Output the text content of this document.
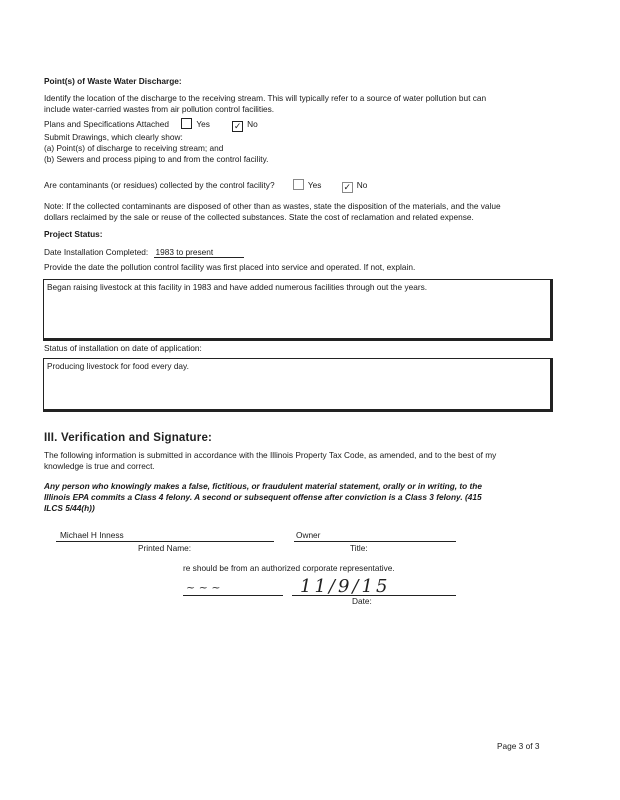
Point(s) of Waste Water Discharge:
Identify the location of the discharge to the receiving stream. This will typically refer to a source of water pollution but can
include water-carried wastes from air pollution control facilities.
Plans and Specifications Attached	Yes	✓ No
Submit Drawings, which clearly show:
(a) Point(s) of discharge to receiving stream; and
(b) Sewers and process piping to and from the control facility.
Are contaminants (or residues) collected by the control facility?	Yes ✓ No
Note: If the collected contaminants are disposed of other than as wastes, state the disposition of the materials, and the value
dollars reclaimed by the sale or reuse of the collected substances. State the cost of reclamation and related expense.
Project Status:
Date Installation Completed: 1983 to present
Provide the date the pollution control facility was first placed into service and operated. If not, explain.
Began raising livestock at this facility in 1983 and have added numerous facilities through out the years.
Status of installation on date of application:
Producing livestock for food every day.
III. Verification and Signature:
The following information is submitted in accordance with the Illinois Property Tax Code, as amended, and to the best of my
knowledge is true and correct.
Any person who knowingly makes a false, fictitious, or fraudulent material statement, orally or in writing, to the
Illinois EPA commits a Class 4 felony. A second or subsequent offense after conviction is a Class 3 felony. (415
ILCS 5/44(h))
Michael H Inness
Printed Name:
Owner
Title:
re should be from an authorized corporate representative.
~ ~ ~	11/9/15
Date:
Page 3 of 3
